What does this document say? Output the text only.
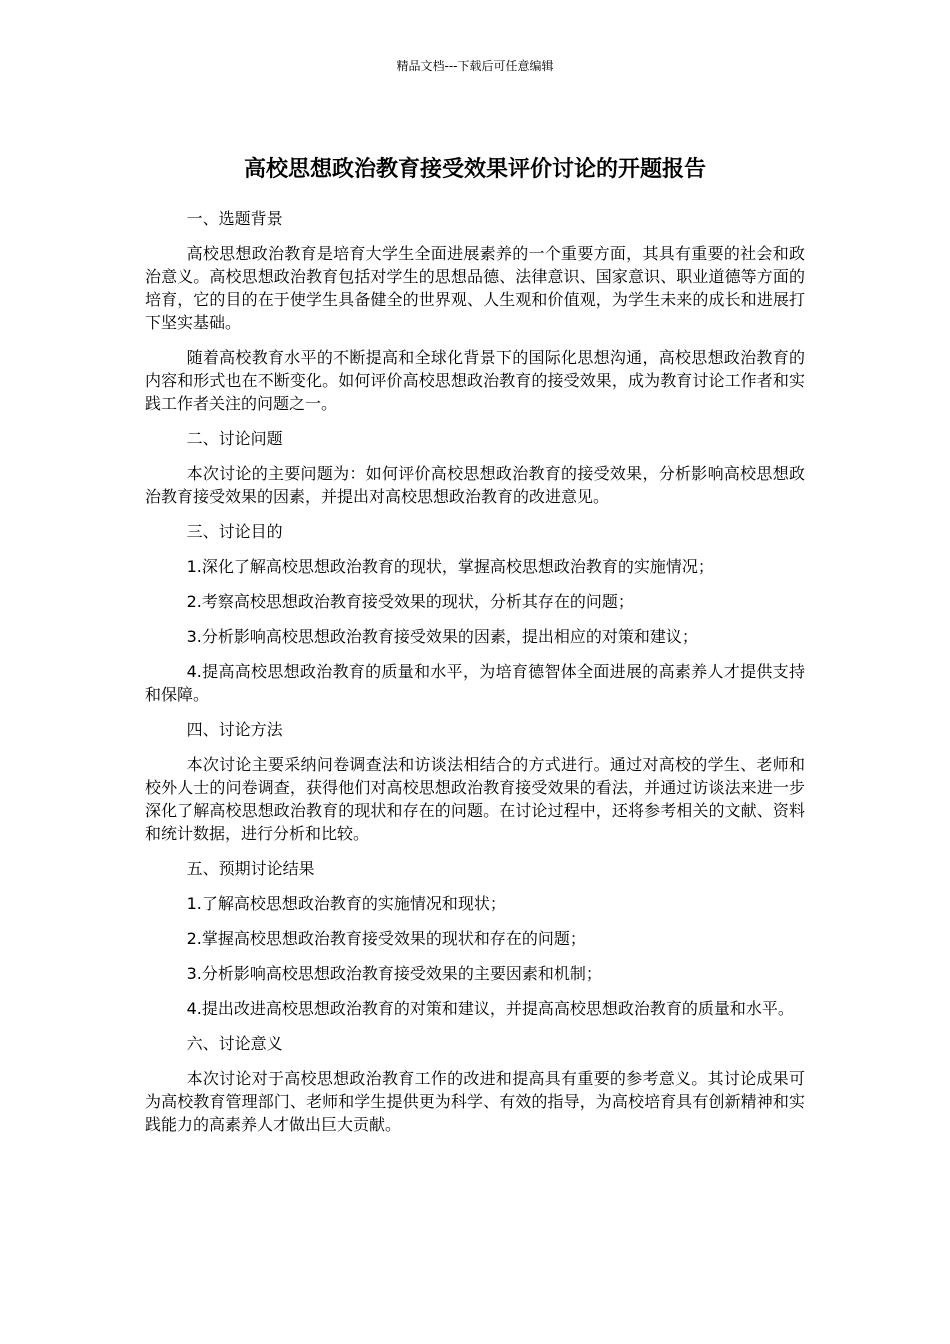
精品文档---下载后可任意编辑
高校思想政治教育接受效果评价讨论的开题报告

一、选题背景

高校思想政治教育是培育大学生全面进展素养的一个重要方面，其具有重要的社会和政治意义。高校思想政治教育包括对学生的思想品德、法律意识、国家意识、职业道德等方面的培育，它的目的在于使学生具备健全的世界观、人生观和价值观，为学生未来的成长和进展打下坚实基础。

随着高校教育水平的不断提高和全球化背景下的国际化思想沟通，高校思想政治教育的内容和形式也在不断变化。如何评价高校思想政治教育的接受效果，成为教育讨论工作者和实践工作者关注的问题之一。

二、讨论问题

本次讨论的主要问题为：如何评价高校思想政治教育的接受效果，分析影响高校思想政治教育接受效果的因素，并提出对高校思想政治教育的改进意见。

三、讨论目的

1.深化了解高校思想政治教育的现状，掌握高校思想政治教育的实施情况；

2.考察高校思想政治教育接受效果的现状，分析其存在的问题；

3.分析影响高校思想政治教育接受效果的因素，提出相应的对策和建议；

4.提高高校思想政治教育的质量和水平，为培育德智体全面进展的高素养人才提供支持和保障。

四、讨论方法

本次讨论主要采纳问卷调查法和访谈法相结合的方式进行。通过对高校的学生、老师和校外人士的问卷调查，获得他们对高校思想政治教育接受效果的看法，并通过访谈法来进一步深化了解高校思想政治教育的现状和存在的问题。在讨论过程中，还将参考相关的文献、资料和统计数据，进行分析和比较。

五、预期讨论结果

1.了解高校思想政治教育的实施情况和现状；

2.掌握高校思想政治教育接受效果的现状和存在的问题；

3.分析影响高校思想政治教育接受效果的主要因素和机制；

4.提出改进高校思想政治教育的对策和建议，并提高高校思想政治教育的质量和水平。

六、讨论意义

本次讨论对于高校思想政治教育工作的改进和提高具有重要的参考意义。其讨论成果可为高校教育管理部门、老师和学生提供更为科学、有效的指导，为高校培育具有创新精神和实践能力的高素养人才做出巨大贡献。
